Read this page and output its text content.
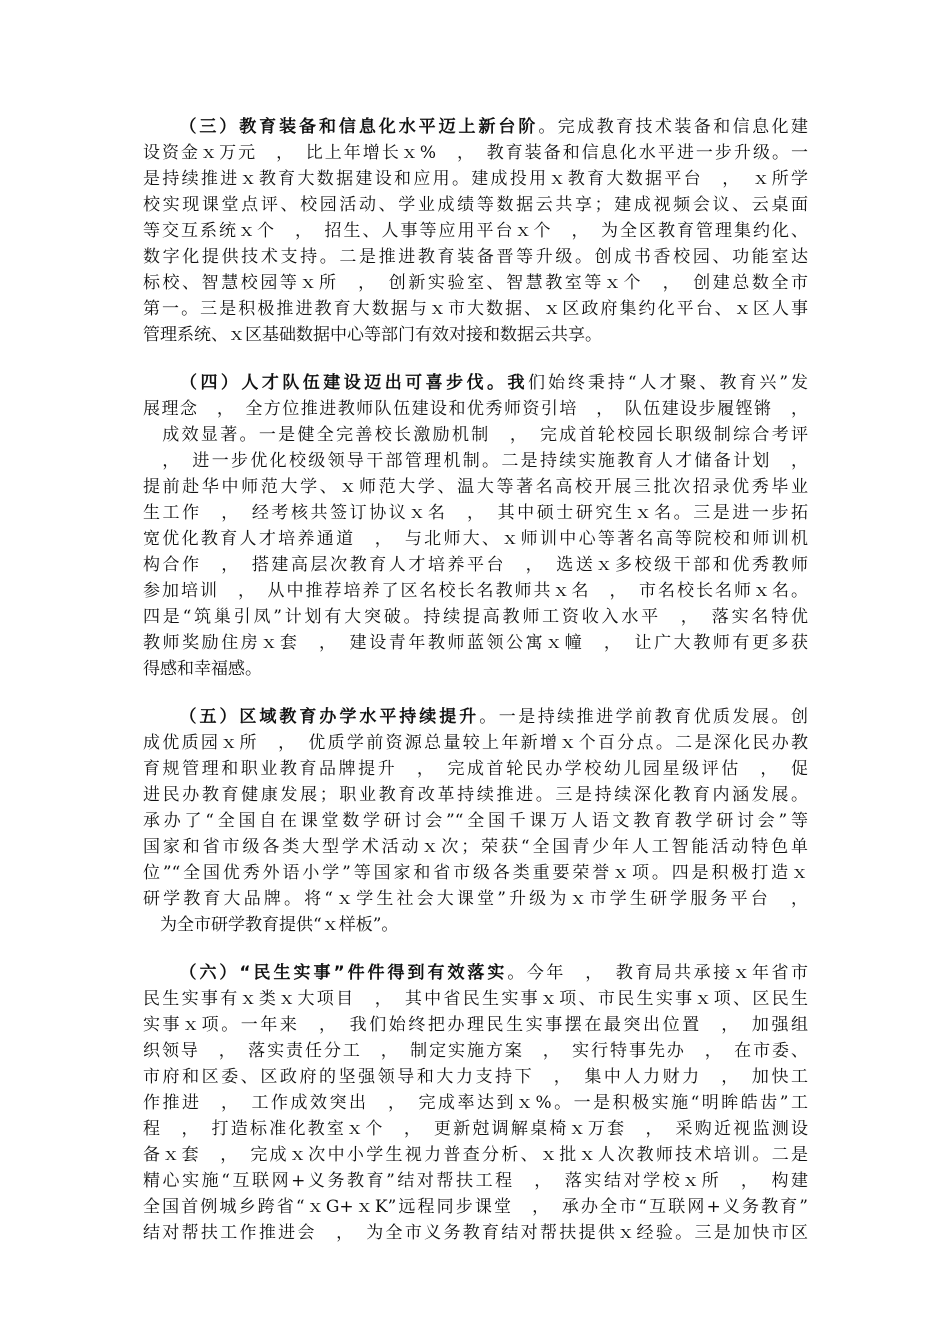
（三）教育装备和信息化水平迈上新台阶。完成教育技术装备和信息化建
设资金ｘ万元　，　比上年增长ｘ%　，　教育装备和信息化水平进一步升级。一
是持续推进ｘ教育大数据建设和应用。建成投用ｘ教育大数据平台　，　ｘ所学
校实现课堂点评、校园活动、学业成绩等数据云共享；建成视频会议、云桌面
等交互系统ｘ个　，　招生、人事等应用平台ｘ个　，　为全区教育管理集约化、
数字化提供技术支持。二是推进教育装备晋等升级。创成书香校园、功能室达
标校、智慧校园等ｘ所　，　创新实验室、智慧教室等ｘ个　，　创建总数全市
第一。三是积极推进教育大数据与ｘ市大数据、ｘ区政府集约化平台、ｘ区人事
管理系统、ｘ区基础数据中心等部门有效对接和数据云共享。

（四）人才队伍建设迈出可喜步伐。我们始终秉持“人才聚、教育兴”发
展理念　，　全方位推进教师队伍建设和优秀师资引培　，　队伍建设步履铿锵　，
　成效显著。一是健全完善校长激励机制　，　完成首轮校园长职级制综合考评
　，　进一步优化校级领导干部管理机制。二是持续实施教育人才储备计划　，
提前赴华中师范大学、ｘ师范大学、温大等著名高校开展三批次招录优秀毕业
生工作　，　经考核共签订协议ｘ名　，　其中硕士研究生ｘ名。三是进一步拓
宽优化教育人才培养通道　，　与北师大、ｘ师训中心等著名高等院校和师训机
构合作　，　搭建高层次教育人才培养平台　，　选送ｘ多校级干部和优秀教师
参加培训　，　从中推荐培养了区名校长名教师共ｘ名　，　市名校长名师ｘ名。
四是“筑巢引凤”计划有大突破。持续提高教师工资收入水平　，　落实名特优
教师奖励住房ｘ套　，　建设青年教师蓝领公寓ｘ幢　，　让广大教师有更多获
得感和幸福感。

（五）区域教育办学水平持续提升。一是持续推进学前教育优质发展。创
成优质园ｘ所　，　优质学前资源总量较上年新增ｘ个百分点。二是深化民办教
育规管理和职业教育品牌提升　，　完成首轮民办学校幼儿园星级评估　，　促
进民办教育健康发展；职业教育改革持续推进。三是持续深化教育内涵发展。
承办了“全国自在课堂数学研讨会”“全国千课万人语文教育教学研讨会”等
国家和省市级各类大型学术活动ｘ次；荣获“全国青少年人工智能活动特色单
位”“全国优秀外语小学”等国家和省市级各类重要荣誉ｘ项。四是积极打造ｘ
研学教育大品牌。将“ｘ学生社会大课堂”升级为ｘ市学生研学服务平台　，
　为全市研学教育提供“ｘ样板”。

（六）“民生实事”件件得到有效落实。今年　，　教育局共承接ｘ年省市
民生实事有ｘ类ｘ大项目　，　其中省民生实事ｘ项、市民生实事ｘ项、区民生
实事ｘ项。一年来　，　我们始终把办理民生实事摆在最突出位置　，　加强组
织领导　，　落实责任分工　，　制定实施方案　，　实行特事先办　，　在市委、
市府和区委、区政府的坚强领导和大力支持下　，　集中人力财力　，　加快工
作推进　，　工作成效突出　，　完成率达到ｘ%。一是积极实施“明眸皓齿”工
程　，　打造标准化教室ｘ个　，　更新尅调解桌椅ｘ万套　，　采购近视监测设
备ｘ套　，　完成ｘ次中小学生视力普查分析、ｘ批ｘ人次教师技术培训。二是
精心实施“互联网+义务教育”结对帮扶工程　，　落实结对学校ｘ所　，　构建
全国首例城乡跨省“ｘG+ｘK”远程同步课堂　，　承办全市“互联网+义务教育”
结对帮扶工作推进会　，　为全市义务教育结对帮扶提供ｘ经验。三是加快市区
